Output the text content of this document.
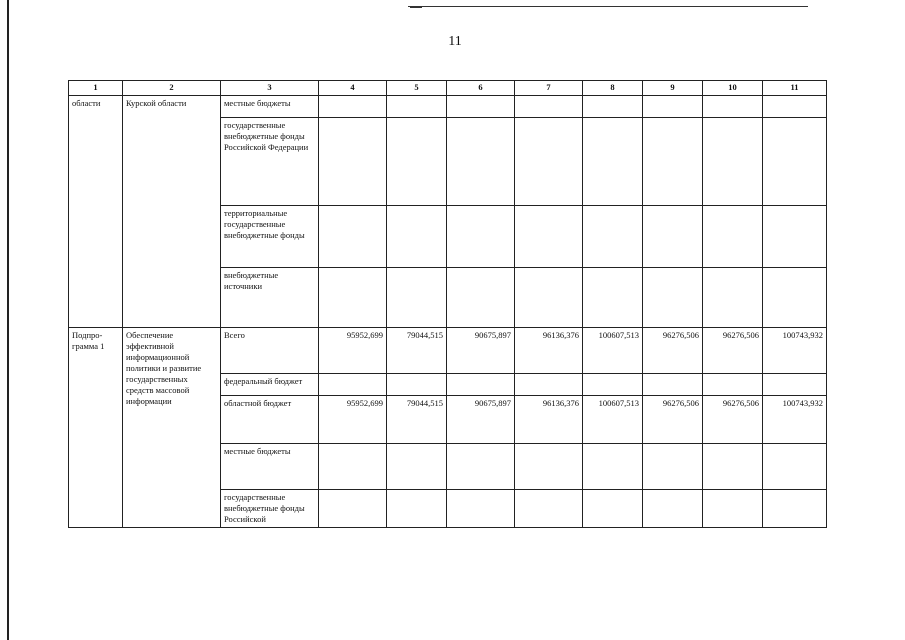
11
1	2	3	4	5	6	7	8	9	10	11
области	Курской области	местные бюджеты								
		государственные внебюджетные фонды Российской Федерации								
		территориальные государственные внебюджетные фонды								
		внебюджетные источники								
Подпро-грамма 1	Обеспечение эффективной информационной политики и развитие государственных средств массовой информации	Всего	95952,699	79044,515	90675,897	96136,376	100607,513	96276,506	96276,506	100743,932
		федеральный бюджет								
		областной бюджет	95952,699	79044,515	90675,897	96136,376	100607,513	96276,506	96276,506	100743,932
		местные бюджеты								
		государственные внебюджетные фонды Российской								
